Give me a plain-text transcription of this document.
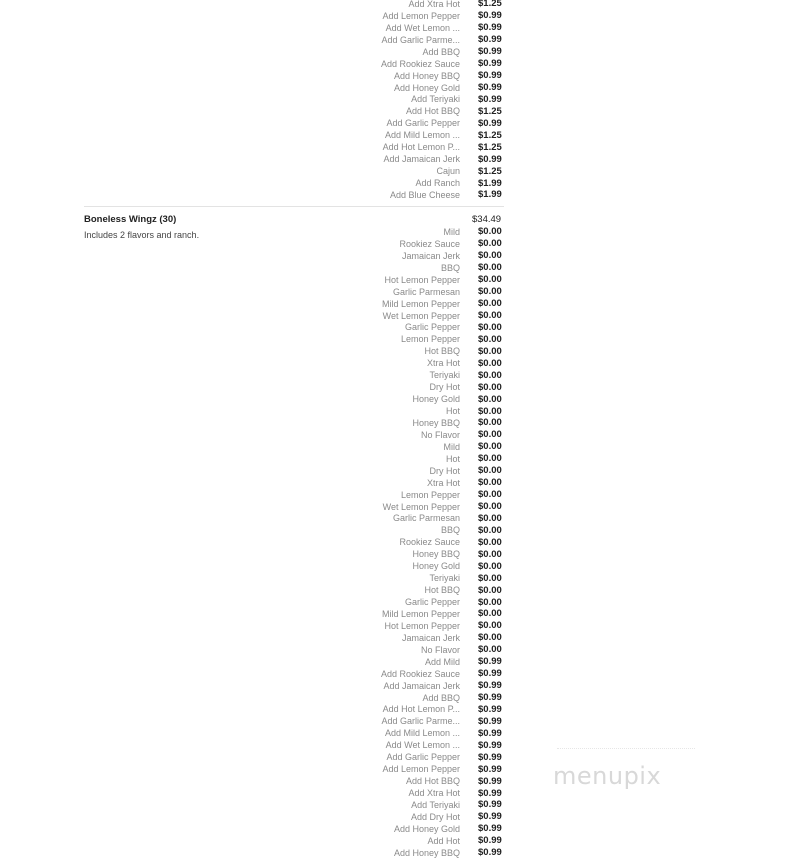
Add Xtra Hot $1.25
Add Lemon Pepper $0.99
Add Wet Lemon ... $0.99
Add Garlic Parme... $0.99
Add BBQ $0.99
Add Rookiez Sauce $0.99
Add Honey BBQ $0.99
Add Honey Gold $0.99
Add Teriyaki $0.99
Add Hot BBQ $1.25
Add Garlic Pepper $0.99
Add Mild Lemon ... $1.25
Add Hot Lemon P... $1.25
Add Jamaican Jerk $0.99
Cajun $1.25
Add Ranch $1.99
Add Blue Cheese $1.99
Boneless Wingz (30)
Includes 2 flavors and ranch.
$34.49
Mild $0.00
Rookiez Sauce $0.00
Jamaican Jerk $0.00
BBQ $0.00
Hot Lemon Pepper $0.00
Garlic Parmesan $0.00
Mild Lemon Pepper $0.00
Wet Lemon Pepper $0.00
Garlic Pepper $0.00
Lemon Pepper $0.00
Hot BBQ $0.00
Xtra Hot $0.00
Teriyaki $0.00
Dry Hot $0.00
Honey Gold $0.00
Hot $0.00
Honey BBQ $0.00
No Flavor $0.00
Mild $0.00
Hot $0.00
Dry Hot $0.00
Xtra Hot $0.00
Lemon Pepper $0.00
Wet Lemon Pepper $0.00
Garlic Parmesan $0.00
BBQ $0.00
Rookiez Sauce $0.00
Honey BBQ $0.00
Honey Gold $0.00
Teriyaki $0.00
Hot BBQ $0.00
Garlic Pepper $0.00
Mild Lemon Pepper $0.00
Hot Lemon Pepper $0.00
Jamaican Jerk $0.00
No Flavor $0.00
Add Mild $0.99
Add Rookiez Sauce $0.99
Add Jamaican Jerk $0.99
Add BBQ $0.99
Add Hot Lemon P... $0.99
Add Garlic Parme... $0.99
Add Mild Lemon ... $0.99
Add Wet Lemon ... $0.99
Add Garlic Pepper $0.99
Add Lemon Pepper $0.99
Add Hot BBQ $0.99
Add Xtra Hot $0.99
Add Teriyaki $0.99
Add Dry Hot $0.99
Add Honey Gold $0.99
Add Hot $0.99
Add Honey BBQ $0.99
menupix
